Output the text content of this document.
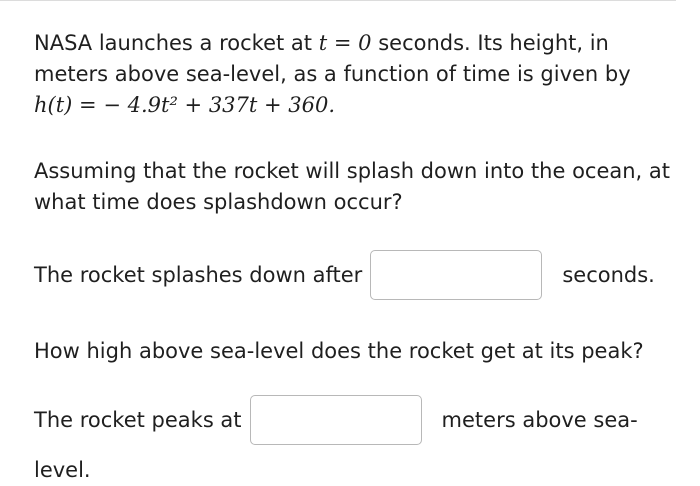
NASA launches a rocket at t = 0 seconds. Its height, in meters above sea-level, as a function of time is given by
h(t) = − 4.9t² + 337t + 360.

Assuming that the rocket will splash down into the ocean, at what time does splashdown occur?

The rocket splashes down after	seconds.

How high above sea-level does the rocket get at its peak?

The rocket peaks at	meters above sea-
level.
